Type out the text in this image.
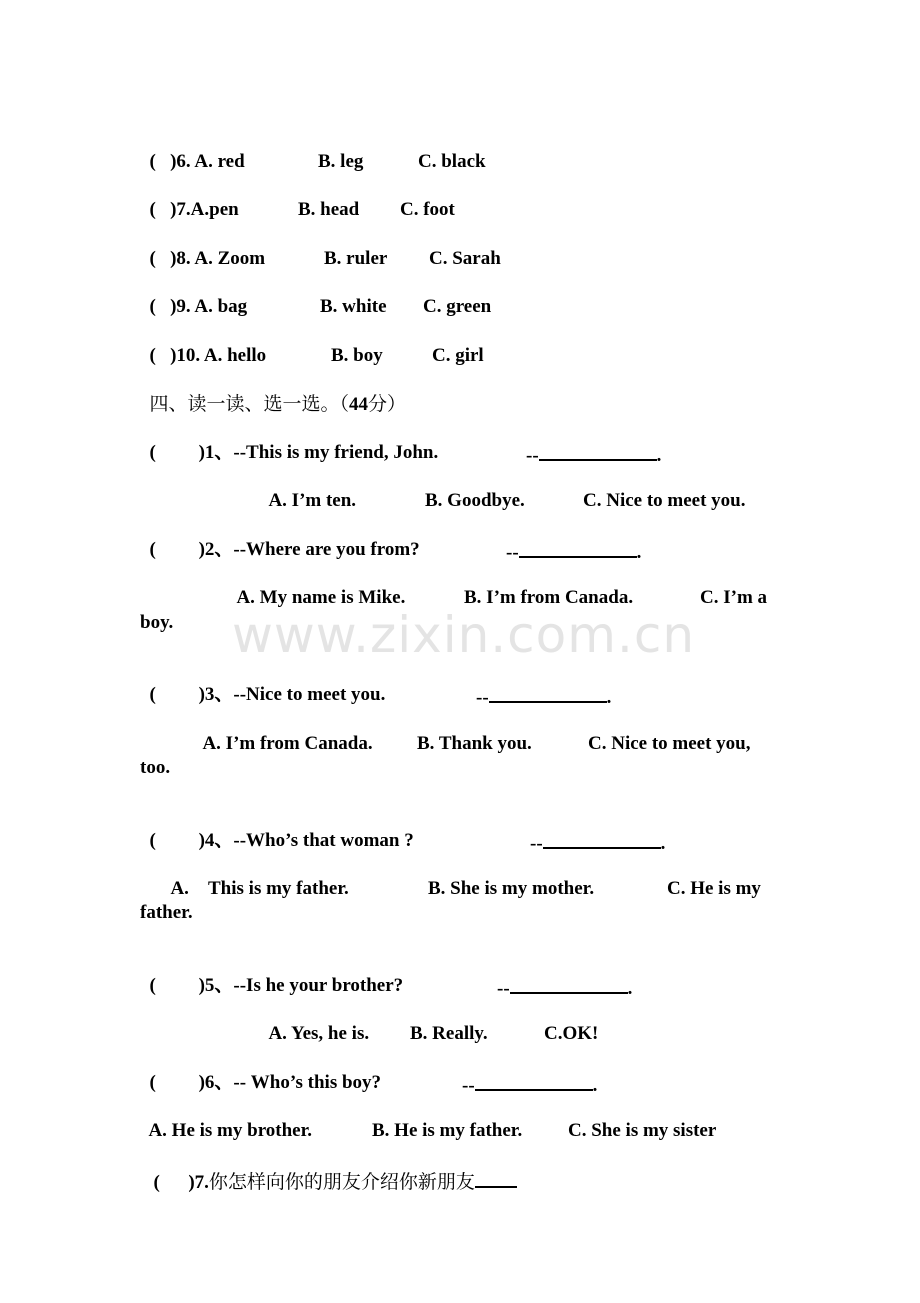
(   )6. A. red	B. leg	C. black

(   )7.A.pen	B. head C. foot

(   )8. A. Zoom	B. ruler C. Sarah

(   )9. A. bag	B. white C. green

(   )10. A. hello	B. boy	C. girl

四、读一读、选一选。（44分）

(         )1、--This is my friend, John.	--	.

A. I’m ten.	B. Goodbye.	C. Nice to meet you.

(         )2、--Where are you from?	--	.

A. My name is Mike.	B. I’m from Canada.	C. I’m a

boy.

(         )3、--Nice to meet you.	--	.

A. I’m from Canada. B. Thank you.	C. Nice to meet you,

too.

(         )4、--Who’s that woman ?	--	.

A. This is my father.	B. She is my mother.	C. He is my

father.

(         )5、--Is he your brother?	--	.

A. Yes, he is. B. Really.	C.OK!

(         )6、-- Who’s this boy?	--	.

A. He is my brother.	B. He is my father. C. She is my sister

(      )7.你怎样向你的朋友介绍你新朋友

www.zixin.com.cn
